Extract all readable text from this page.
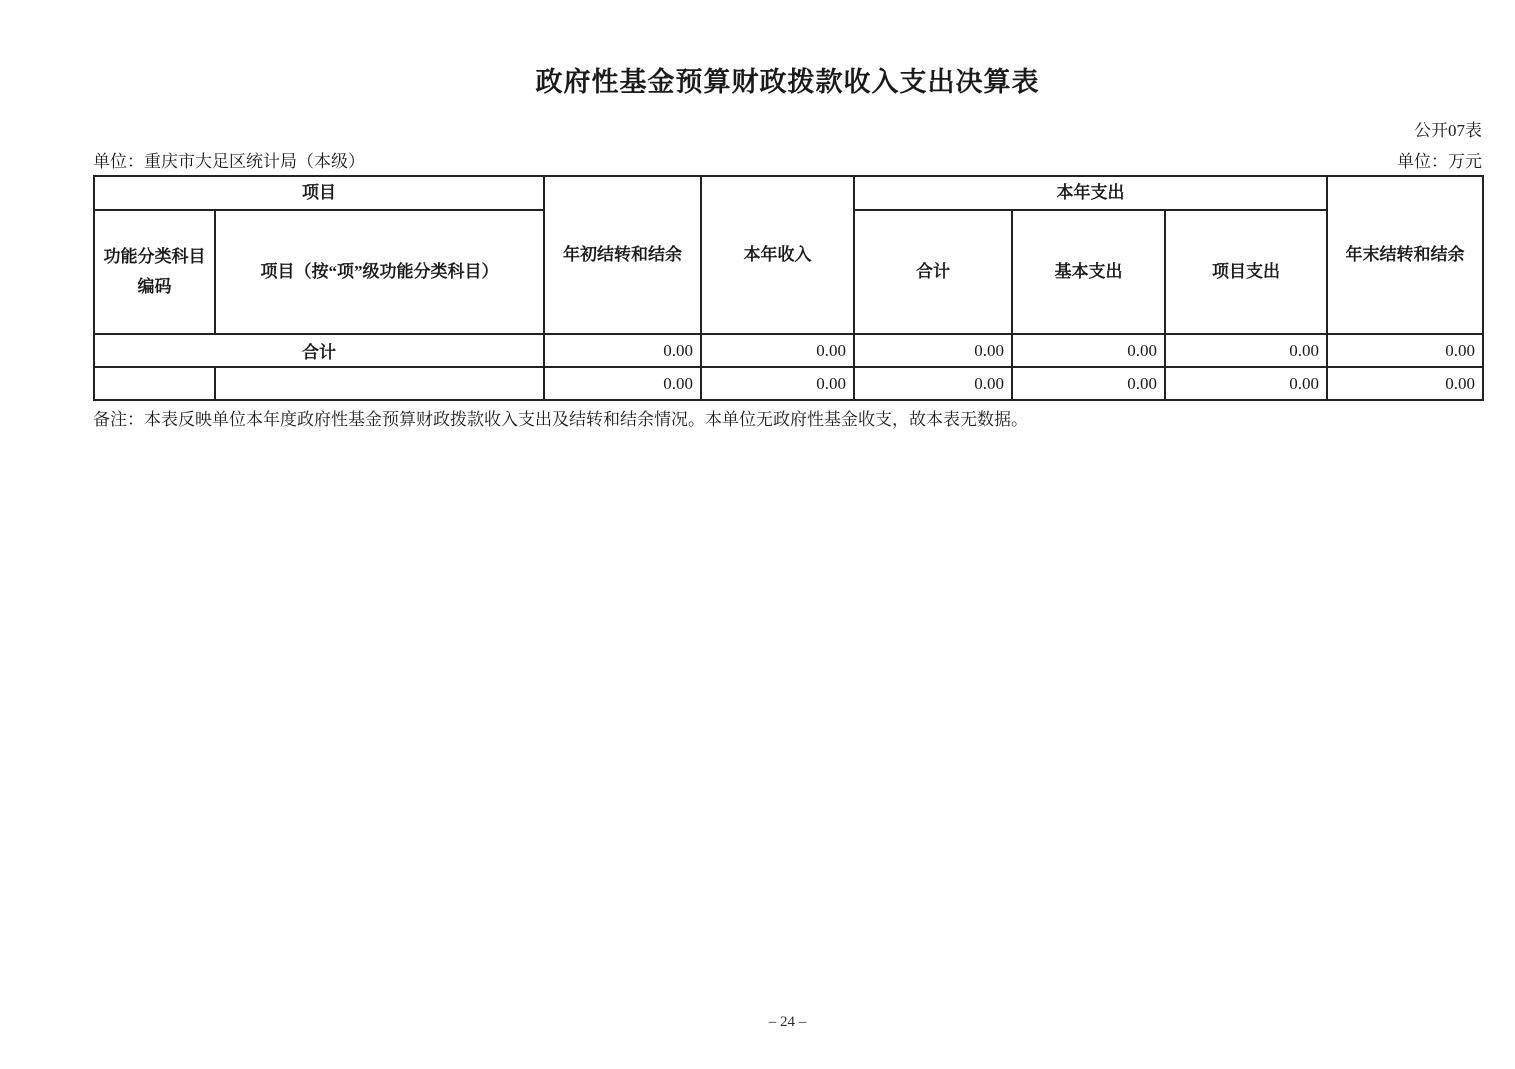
政府性基金预算财政拨款收入支出决算表
公开07表
单位：重庆市大足区统计局（本级）	单位：万元
项目		年初结转和结余	本年收入	本年支出			年末结转和结余
功能分类科目编码	项目（按“项”级功能分类科目）			合计	基本支出	项目支出	
合计		0.00	0.00	0.00	0.00	0.00	0.00
		0.00	0.00	0.00	0.00	0.00	0.00
备注：本表反映单位本年度政府性基金预算财政拨款收入支出及结转和结余情况。本单位无政府性基金收支，故本表无数据。
– 24 –
